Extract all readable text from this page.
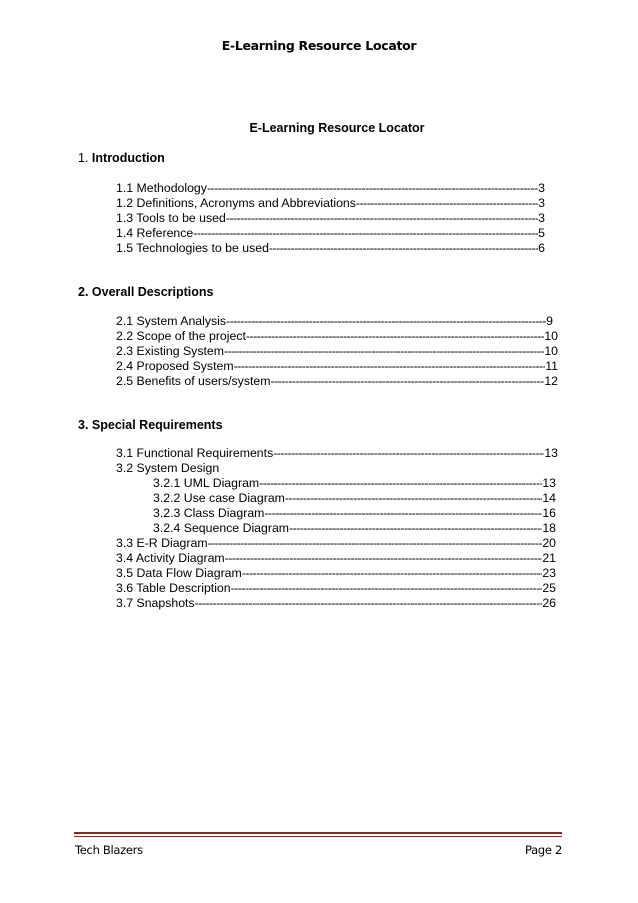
E-Learning Resource Locator
E-Learning Resource Locator
1. Introduction
1.1 Methodology -----	3
1.2 Definitions, Acronyms and Abbreviations -----	3
1.3 Tools to be used -----	3
1.4 Reference -----	5
1.5 Technologies to be used -----	6
2. Overall Descriptions
2.1 System Analysis -----	9
2.2 Scope of the project -----	10
2.3 Existing System -----	10
2.4 Proposed System -----	11
2.5 Benefits of users/system -----	12
3. Special Requirements
3.1 Functional Requirements -----	13
3.2 System Design
3.2.1 UML Diagram -----	13
3.2.2 Use case Diagram -----	14
3.2.3 Class Diagram -----	16
3.2.4 Sequence Diagram -----	18
3.3 E-R Diagram -----	20
3.4 Activity Diagram -----	21
3.5 Data Flow Diagram -----	23
3.6 Table Description -----	25
3.7 Snapshots -----	26
Tech Blazers	Page 2
